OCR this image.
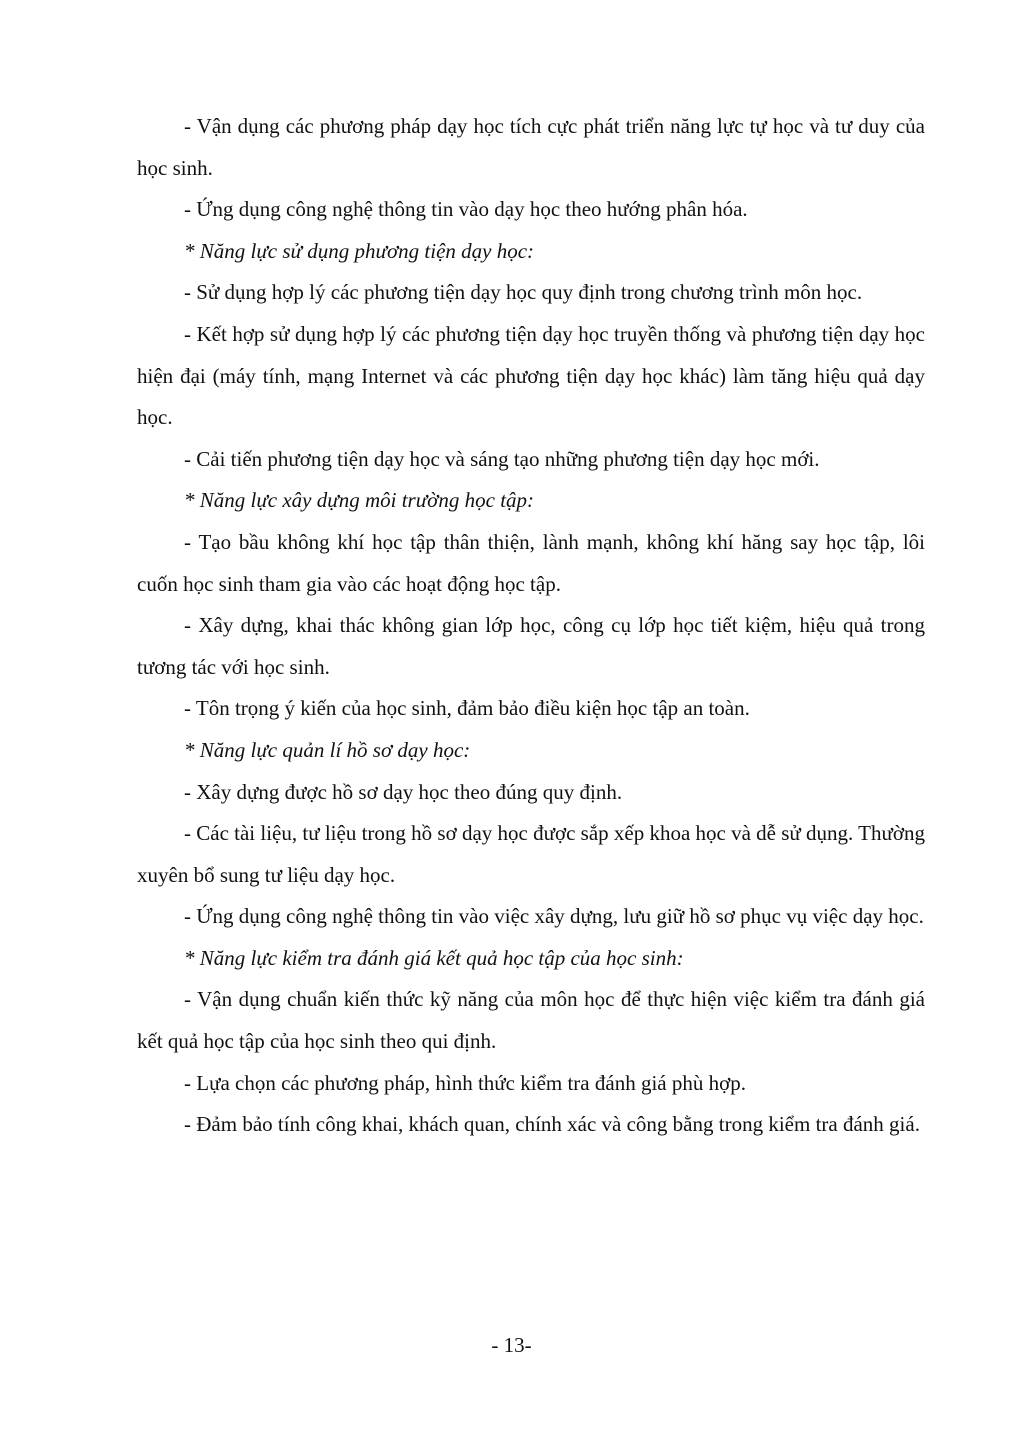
- Vận dụng các phương pháp dạy học tích cực phát triển năng lực tự học và tư duy của học sinh.

- Ứng dụng công nghệ thông tin vào dạy học theo hướng phân hóa.

* Năng lực sử dụng phương tiện dạy học:

- Sử dụng hợp lý các phương tiện dạy học quy định trong chương trình môn học.

- Kết hợp sử dụng hợp lý các phương tiện dạy học truyền thống và phương tiện dạy học hiện đại (máy tính, mạng Internet và các phương tiện dạy học khác) làm tăng hiệu quả dạy học.

- Cải tiến phương tiện dạy học và sáng tạo những phương tiện dạy học mới.

* Năng lực xây dựng môi trường học tập:

- Tạo bầu không khí học tập thân thiện, lành mạnh, không khí hăng say học tập, lôi cuốn học sinh tham gia vào các hoạt động học tập.

- Xây dựng, khai thác không gian lớp học, công cụ lớp học tiết kiệm, hiệu quả trong tương tác với học sinh.

- Tôn trọng ý kiến của học sinh, đảm bảo điều kiện học tập an toàn.

* Năng lực quản lí hồ sơ dạy học:

- Xây dựng được hồ sơ dạy học theo đúng quy định.

- Các tài liệu, tư liệu trong hồ sơ dạy học được sắp xếp khoa học và dễ sử dụng. Thường xuyên bổ sung tư liệu dạy học.

- Ứng dụng công nghệ thông tin vào việc xây dựng, lưu giữ hồ sơ phục vụ việc dạy học.

* Năng lực kiểm tra đánh giá kết quả học tập của học sinh:

- Vận dụng chuẩn kiến thức kỹ năng của môn học để thực hiện việc kiểm tra đánh giá kết quả học tập của học sinh theo qui định.

- Lựa chọn các phương pháp, hình thức kiểm tra đánh giá phù hợp.

- Đảm bảo tính công khai, khách quan, chính xác và công bằng trong kiểm tra đánh giá.

- 13-
